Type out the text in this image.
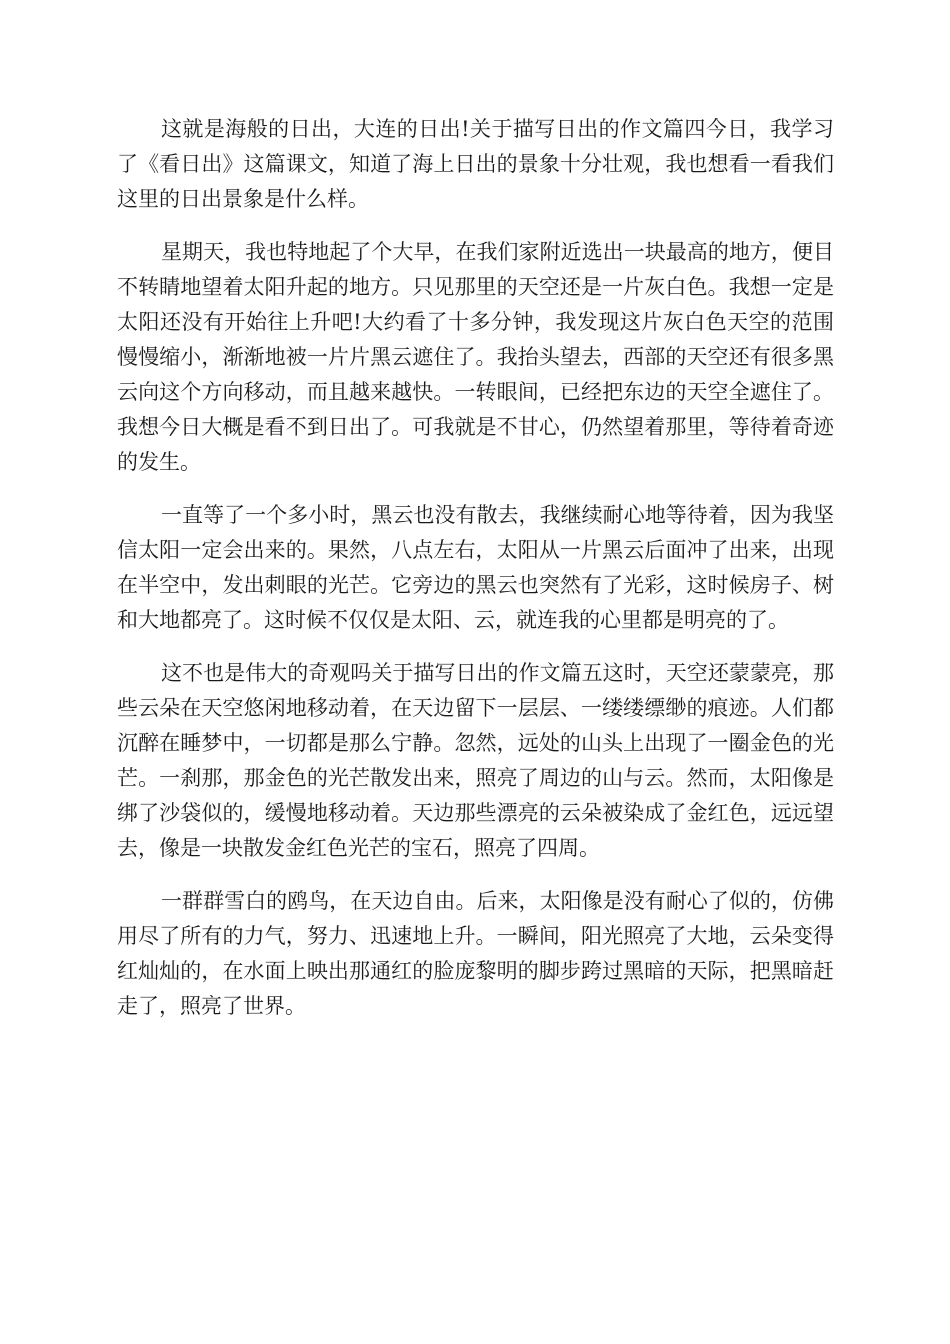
这就是海般的日出，大连的日出!关于描写日出的作文篇四今日，我学习了《看日出》这篇课文，知道了海上日出的景象十分壮观，我也想看一看我们这里的日出景象是什么样。

星期天，我也特地起了个大早，在我们家附近选出一块最高的地方，便目不转睛地望着太阳升起的地方。只见那里的天空还是一片灰白色。我想一定是太阳还没有开始往上升吧!大约看了十多分钟，我发现这片灰白色天空的范围慢慢缩小，渐渐地被一片片黑云遮住了。我抬头望去，西部的天空还有很多黑云向这个方向移动，而且越来越快。一转眼间，已经把东边的天空全遮住了。我想今日大概是看不到日出了。可我就是不甘心，仍然望着那里，等待着奇迹的发生。

一直等了一个多小时，黑云也没有散去，我继续耐心地等待着，因为我坚信太阳一定会出来的。果然，八点左右，太阳从一片黑云后面冲了出来，出现在半空中，发出刺眼的光芒。它旁边的黑云也突然有了光彩，这时候房子、树和大地都亮了。这时候不仅仅是太阳、云，就连我的心里都是明亮的了。

这不也是伟大的奇观吗关于描写日出的作文篇五这时，天空还蒙蒙亮，那些云朵在天空悠闲地移动着，在天边留下一层层、一缕缕缥缈的痕迹。人们都沉醉在睡梦中，一切都是那么宁静。忽然，远处的山头上出现了一圈金色的光芒。一刹那，那金色的光芒散发出来，照亮了周边的山与云。然而，太阳像是绑了沙袋似的，缓慢地移动着。天边那些漂亮的云朵被染成了金红色，远远望去，像是一块散发金红色光芒的宝石，照亮了四周。

一群群雪白的鸥鸟，在天边自由。后来，太阳像是没有耐心了似的，仿佛用尽了所有的力气，努力、迅速地上升。一瞬间，阳光照亮了大地，云朵变得红灿灿的，在水面上映出那通红的脸庞黎明的脚步跨过黑暗的天际，把黑暗赶走了，照亮了世界。
